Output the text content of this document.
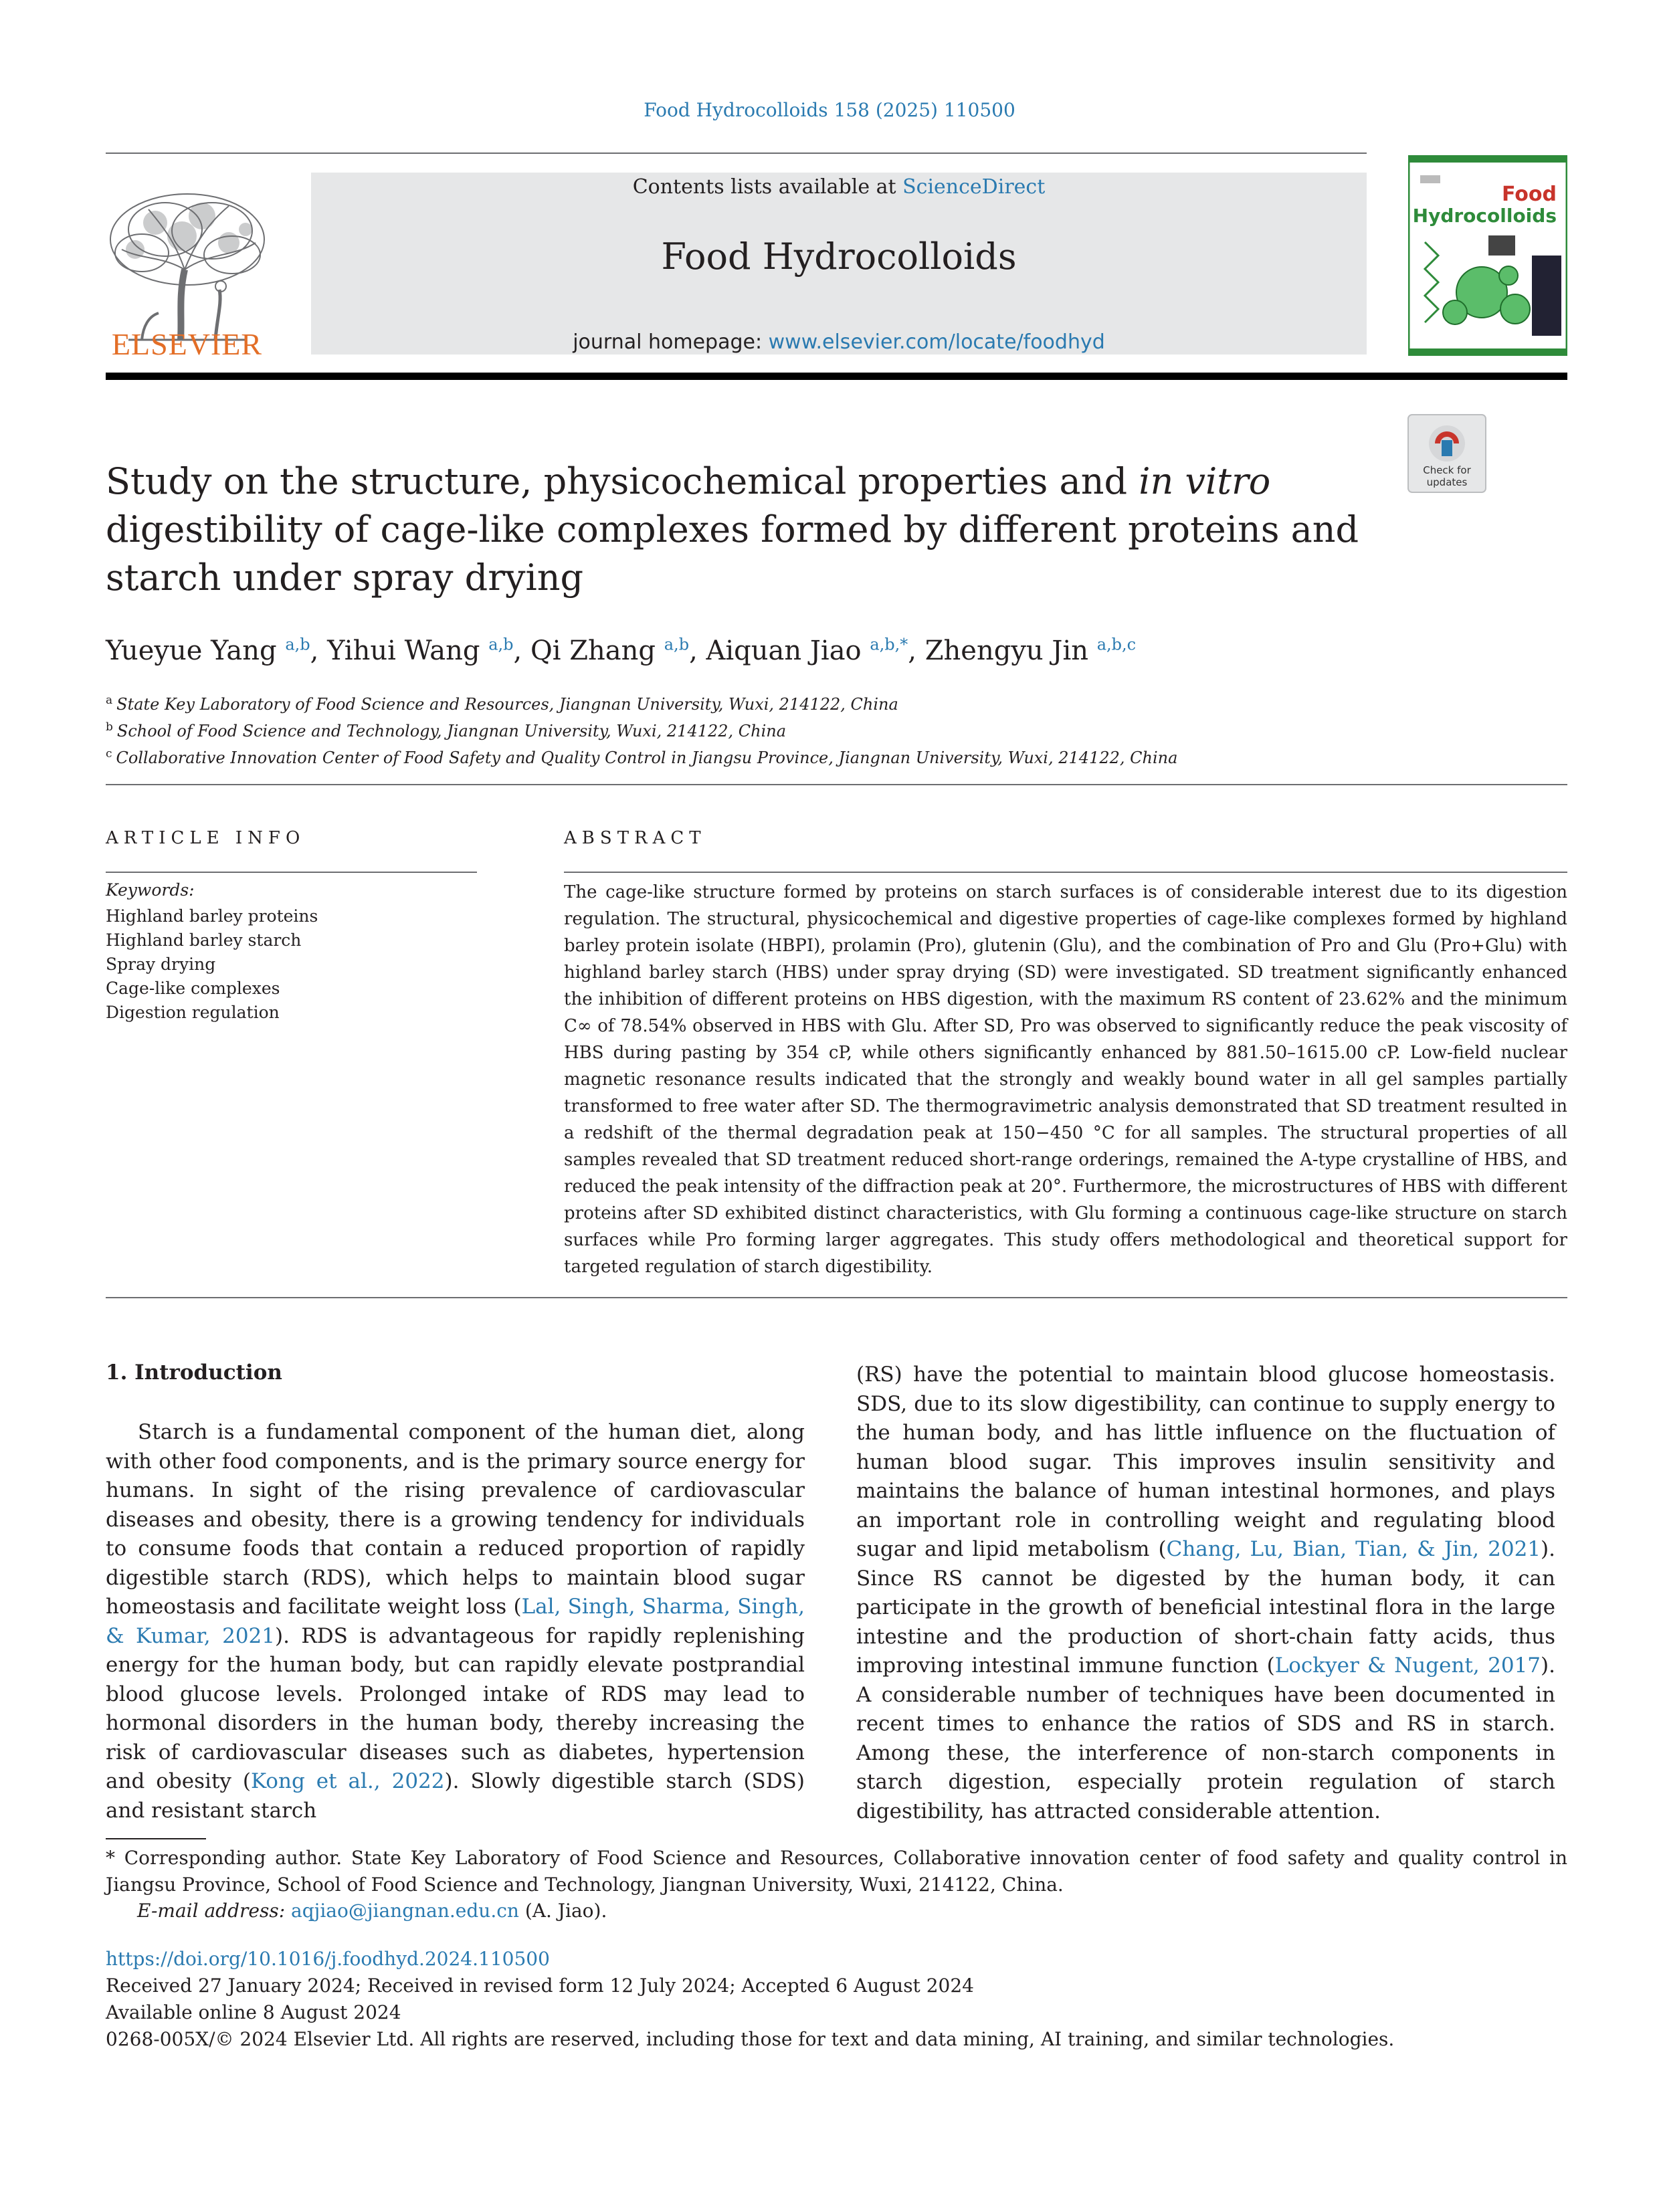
Food Hydrocolloids 158 (2025) 110500
ELSEVIER
Contents lists available at ScienceDirect
Food Hydrocolloids
journal homepage: www.elsevier.com/locate/foodhyd
Food
Hydrocolloids
Check for
updates
Study on the structure, physicochemical properties and in vitro digestibility of cage-like complexes formed by different proteins and starch under spray drying
Yueyue Yang $^{a,b}$, Yihui Wang $^{a,b}$, Qi Zhang $^{a,b}$, Aiquan Jiao $^{a,b,*}$, Zhengyu Jin $^{a,b,c}$
$^a$ State Key Laboratory of Food Science and Resources, Jiangnan University, Wuxi, 214122, China
$^b$ School of Food Science and Technology, Jiangnan University, Wuxi, 214122, China
$^c$ Collaborative Innovation Center of Food Safety and Quality Control in Jiangsu Province, Jiangnan University, Wuxi, 214122, China
ARTICLE INFO	ABSTRACT
Keywords:
Highland barley proteins
Highland barley starch
Spray drying
Cage-like complexes
Digestion regulation

The cage-like structure formed by proteins on starch surfaces is of considerable interest due to its digestion regulation. The structural, physicochemical and digestive properties of cage-like complexes formed by highland barley protein isolate (HBPI), prolamin (Pro), glutenin (Glu), and the combination of Pro and Glu (Pro+Glu) with highland barley starch (HBS) under spray drying (SD) were investigated. SD treatment significantly enhanced the inhibition of different proteins on HBS digestion, with the maximum RS content of 23.62% and the minimum C∞ of 78.54% observed in HBS with Glu. After SD, Pro was observed to significantly reduce the peak viscosity of HBS during pasting by 354 cP, while others significantly enhanced by 881.50–1615.00 cP. Low-field nuclear magnetic resonance results indicated that the strongly and weakly bound water in all gel samples partially transformed to free water after SD. The thermogravimetric analysis demonstrated that SD treatment resulted in a redshift of the thermal degradation peak at 150−450 °C for all samples. The structural properties of all samples revealed that SD treatment reduced short-range orderings, remained the A-type crystalline of HBS, and reduced the peak intensity of the diffraction peak at 20°. Furthermore, the microstructures of HBS with different proteins after SD exhibited distinct characteristics, with Glu forming a continuous cage-like structure on starch surfaces while Pro forming larger aggregates. This study offers methodological and theoretical support for targeted regulation of starch digestibility.

1. Introduction

Starch is a fundamental component of the human diet, along with other food components, and is the primary source energy for humans. In sight of the rising prevalence of cardiovascular diseases and obesity, there is a growing tendency for individuals to consume foods that contain a reduced proportion of rapidly digestible starch (RDS), which helps to maintain blood sugar homeostasis and facilitate weight loss (Lal, Singh, Sharma, Singh, & Kumar, 2021). RDS is advantageous for rapidly replenishing energy for the human body, but can rapidly elevate postprandial blood glucose levels. Prolonged intake of RDS may lead to hormonal disorders in the human body, thereby increasing the risk of cardiovascular diseases such as diabetes, hypertension and obesity (Kong et al., 2022). Slowly digestible starch (SDS) and resistant starch

(RS) have the potential to maintain blood glucose homeostasis. SDS, due to its slow digestibility, can continue to supply energy to the human body, and has little influence on the fluctuation of human blood sugar. This improves insulin sensitivity and maintains the balance of human intestinal hormones, and plays an important role in controlling weight and regulating blood sugar and lipid metabolism (Chang, Lu, Bian, Tian, & Jin, 2021). Since RS cannot be digested by the human body, it can participate in the growth of beneficial intestinal flora in the large intestine and the production of short-chain fatty acids, thus improving intestinal immune function (Lockyer & Nugent, 2017). A considerable number of techniques have been documented in recent times to enhance the ratios of SDS and RS in starch. Among these, the interference of non-starch components in starch digestion, especially protein regulation of starch digestibility, has attracted considerable attention.

* Corresponding author. State Key Laboratory of Food Science and Resources, Collaborative innovation center of food safety and quality control in Jiangsu Province, School of Food Science and Technology, Jiangnan University, Wuxi, 214122, China.
E-mail address: aqjiao@jiangnan.edu.cn (A. Jiao).
https://doi.org/10.1016/j.foodhyd.2024.110500
Received 27 January 2024; Received in revised form 12 July 2024; Accepted 6 August 2024
Available online 8 August 2024
0268-005X/© 2024 Elsevier Ltd. All rights are reserved, including those for text and data mining, AI training, and similar technologies.
